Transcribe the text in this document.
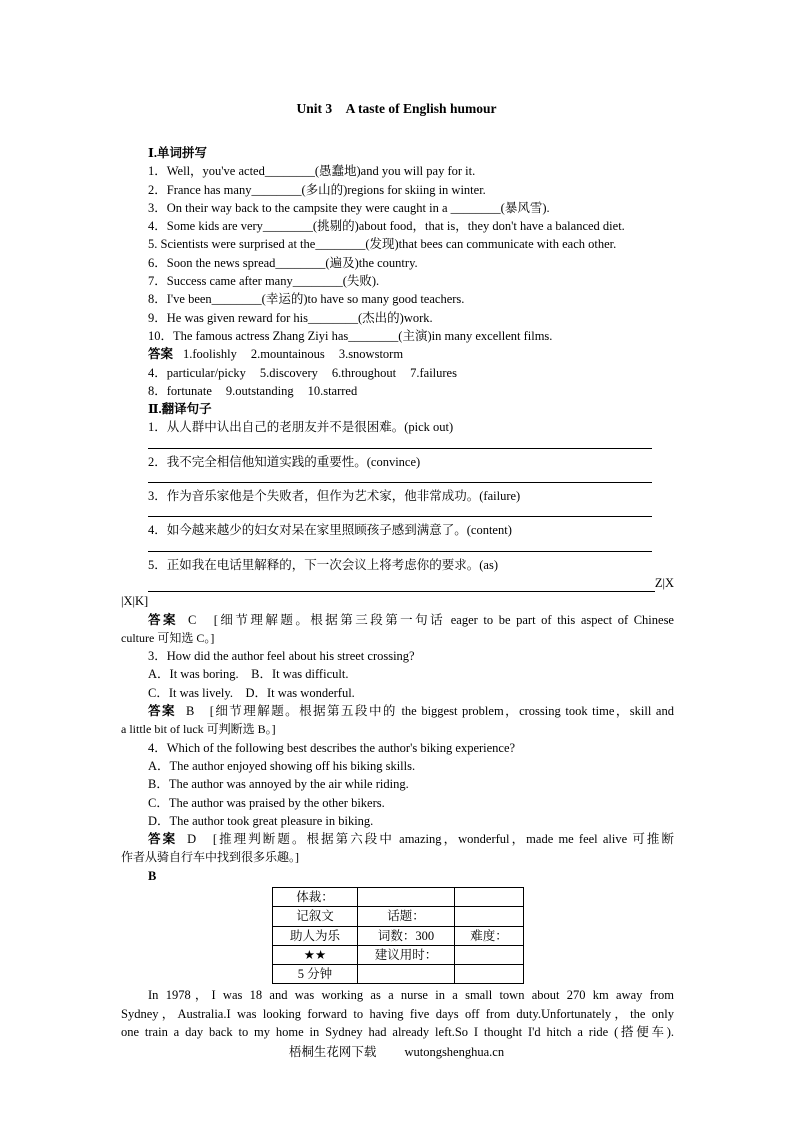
Unit 3　A taste of English humour

Ⅰ.单词拼写

1．Well，you've acted________(愚蠢地)and you will pay for it.

2．France has many________(多山的)regions for skiing in winter.

3．On their way back to the campsite they were caught in a ________(暴风雪).

4．Some kids are very________(挑剔的)about food，that is，they don't have a balanced diet.

5. Scientists were surprised at the________(发现)that bees can communicate with each other.

6．Soon the news spread________(遍及)the country.

7．Success came after many________(失败).

8．I've been________(幸运的)to have so many good teachers.

9．He was given reward for his________(杰出的)work.

10．The famous actress Zhang Ziyi has________(主演)in many excellent films.

答案 1.foolishly 2.mountainous 3.snowstorm

4．particular/picky 5.discovery 6.throughout 7.failures

8．fortunate 9.outstanding 10.starred

Ⅱ.翻译句子

1．从人群中认出自己的老朋友并不是很困难。(pick out)

2．我不完全相信他知道实践的重要性。(convince)

3．作为音乐家他是个失败者，但作为艺术家，他非常成功。(failure)

4．如今越来越少的妇女对呆在家里照顾孩子感到满意了。(content)

5．正如我在电话里解释的，下一次会议上将考虑你的要求。(as)

Z|X

|X|K]

答案 C　[细节理解题。根据第三段第一句话 eager to be part of this aspect of Chinese

culture 可知选 C。]

3．How did the author feel about his street crossing?

A．It was boring.　B．It was difficult.

C．It was lively.　D．It was wonderful.

答案 B　[细节理解题。根据第五段中的 the biggest problem，crossing took time，skill and

a little bit of luck 可判断选 B。]

4．Which of the following best describes the author's biking experience?

A．The author enjoyed showing off his biking skills.

B．The author was annoyed by the air while riding.

C．The author was praised by the other bikers.

D．The author took great pleasure in biking.

答案 D　[推理判断题。根据第六段中 amazing，wonderful，made me feel alive 可推断

作者从骑自行车中找到很多乐趣。]

B

体裁：		
记叙文	话题：	
助人为乐	词数：300	难度：
★★	建议用时：	
5 分钟		

In 1978，I was 18 and was working as a nurse in a small town about 270 km away from

Sydney，Australia.I was looking forward to having five days off from duty.Unfortunately，the only

one train a day back to my home in Sydney had already left.So I thought I'd hitch a ride (搭便车).

梧桐生花网下载 wutongshenghua.cn
